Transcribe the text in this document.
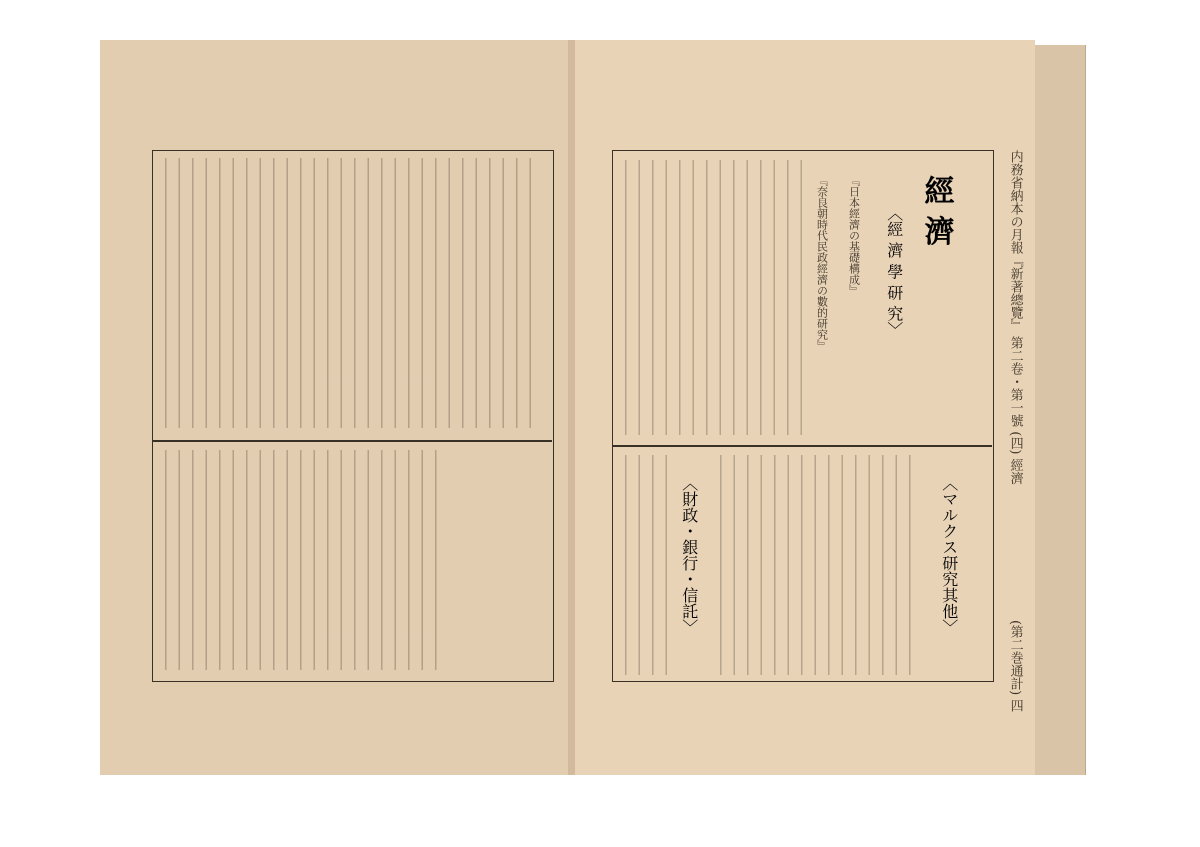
内務省納本の月報『新著總覽』 第二卷・第一號 (四) 經濟
(第二巻通計) 四
經 濟
〈經 濟 學 研 究〉
『日本經濟の基礎構成』
『奈良朝時代民政經濟の數的研究』
〈マルクス研究其他〉
〈財政・銀行・信託〉
